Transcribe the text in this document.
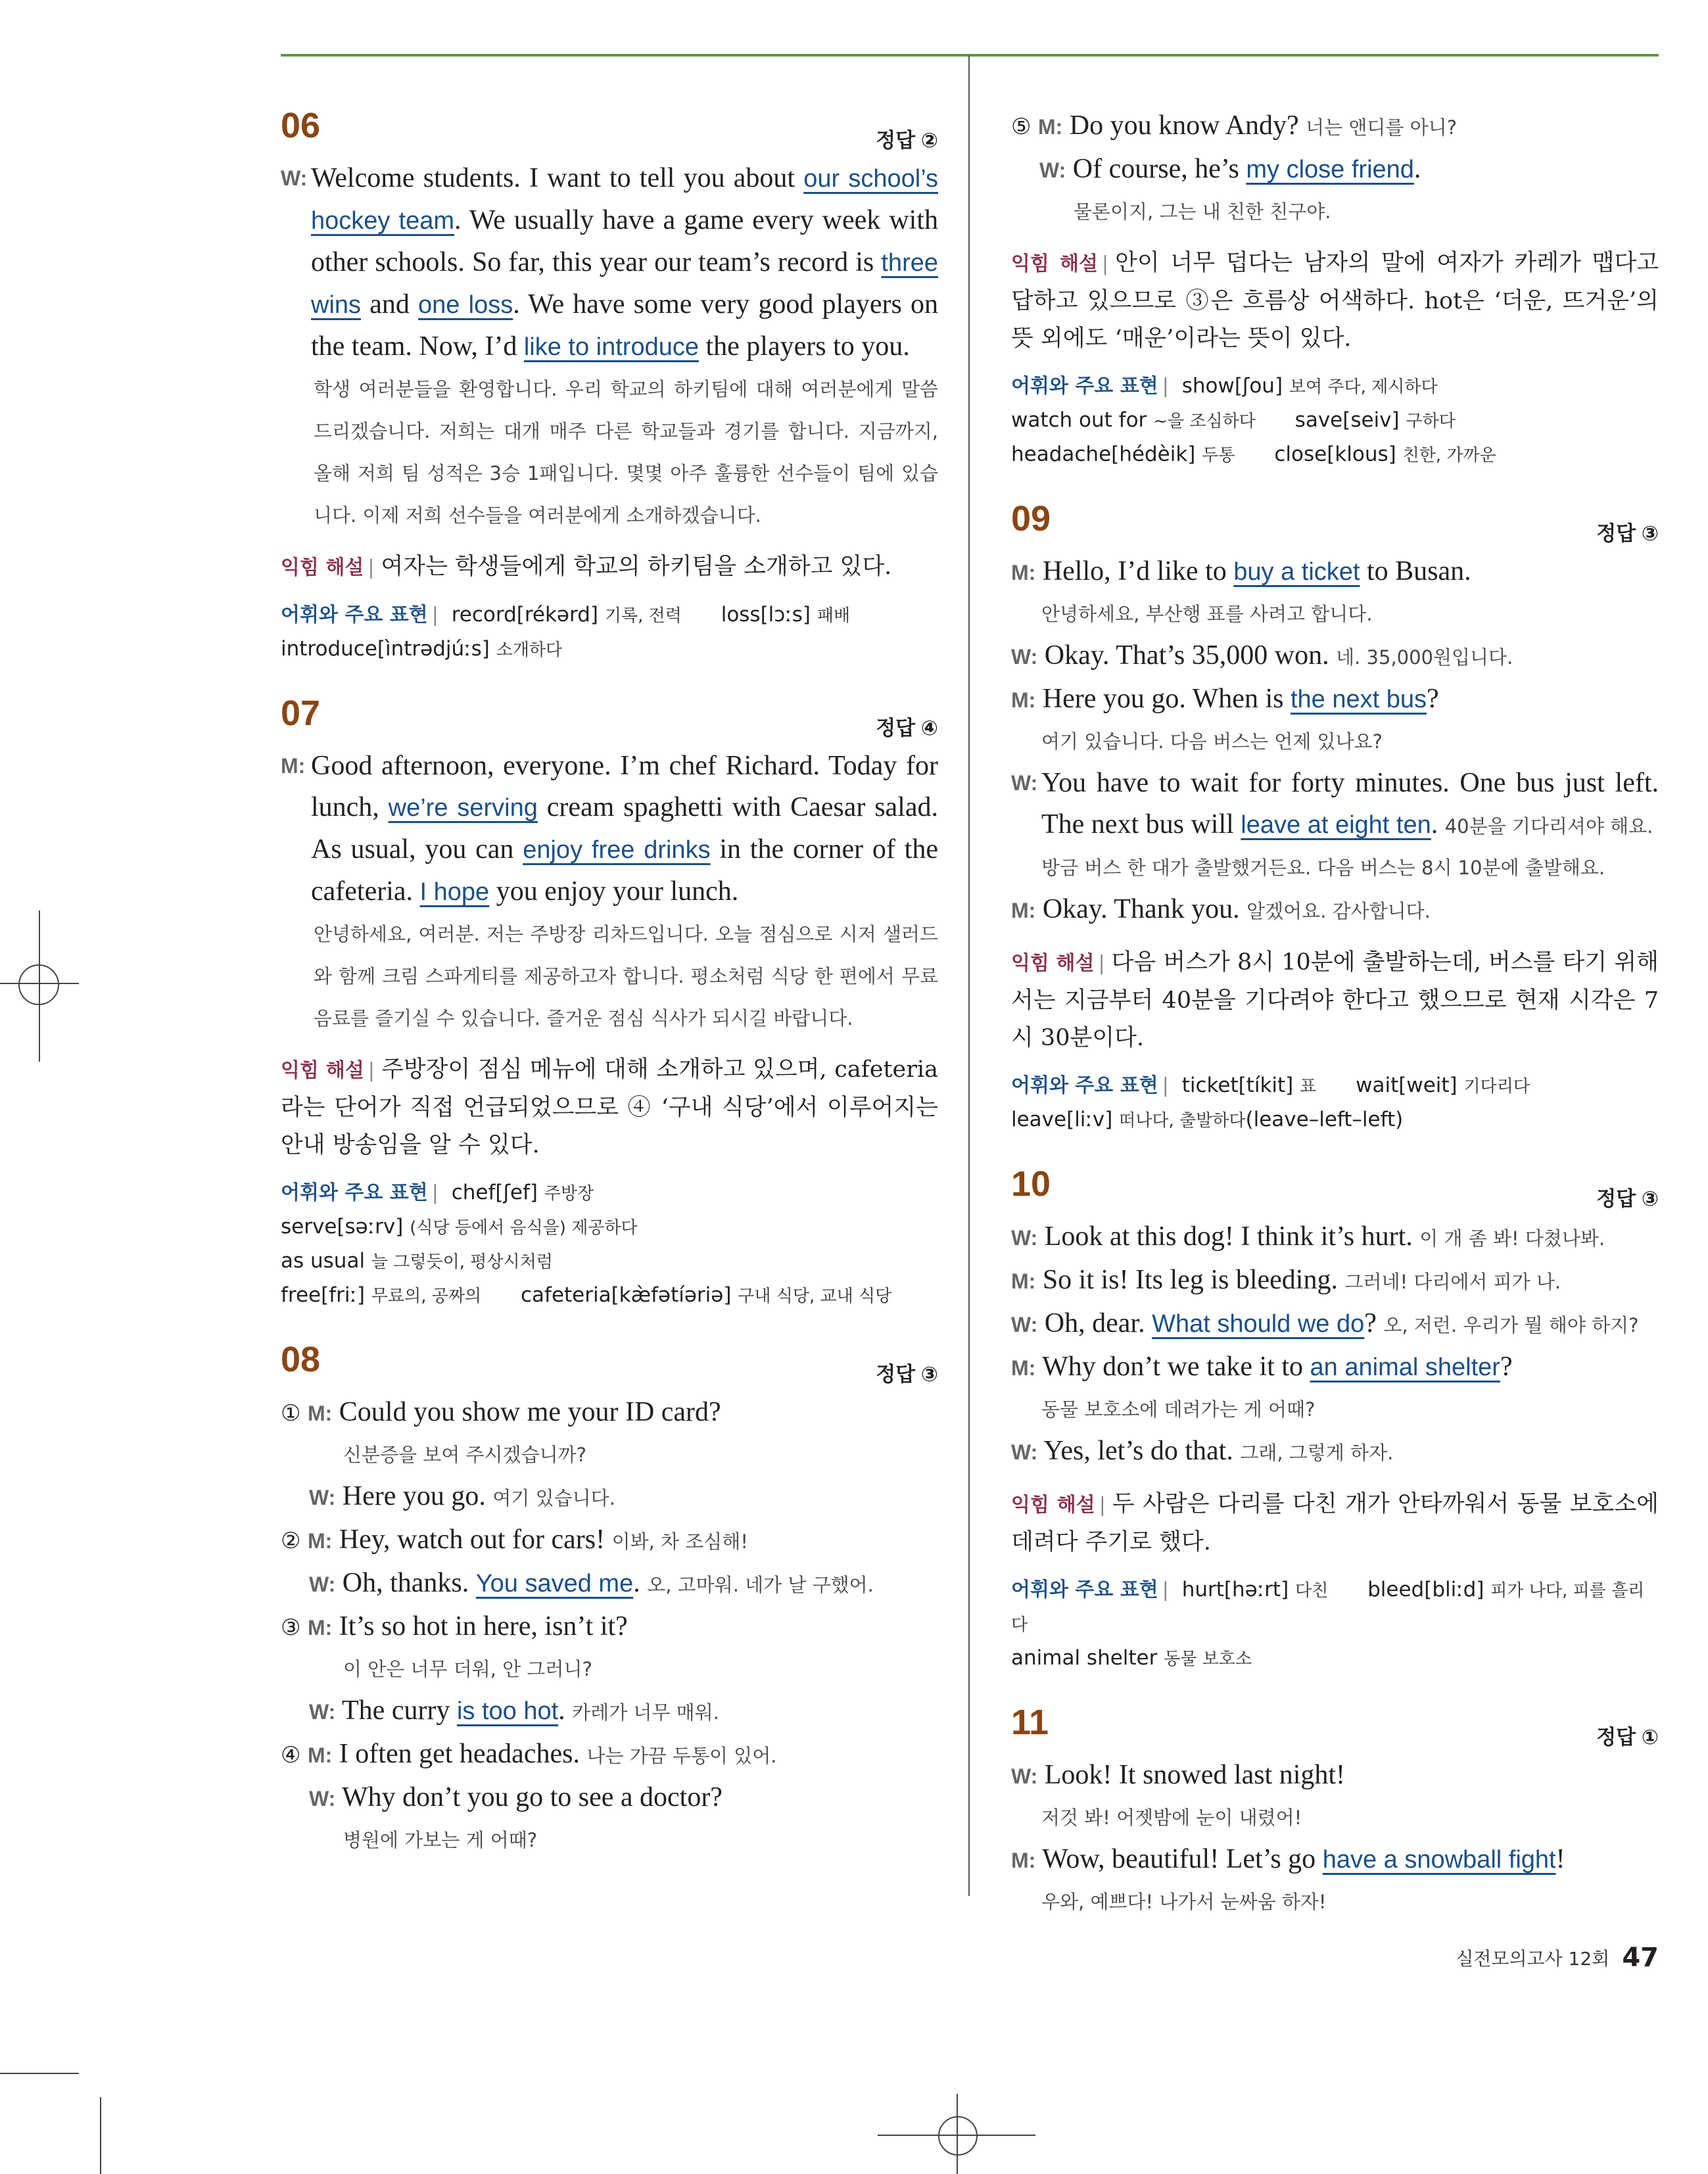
06	정답 ②
W: Welcome students. I want to tell you about our school’s hockey team. We usually have a game every week with other schools. So far, this year our team’s record is three wins and one loss. We have some very good players on the team. Now, I’d like to introduce the players to you.
학생 여러분들을 환영합니다. 우리 학교의 하키팀에 대해 여러분에게 말씀드리겠습니다. 저희는 대개 매주 다른 학교들과 경기를 합니다. 지금까지, 올해 저희 팀 성적은 3승 1패입니다. 몇몇 아주 훌륭한 선수들이 팀에 있습니다. 이제 저희 선수들을 여러분에게 소개하겠습니다.
익힘 해설 | 여자는 학생들에게 학교의 하키팀을 소개하고 있다.
어휘와 주요 표현 | record[rékərd] 기록, 전력 loss[lɔːs] 패배
introduce[ìntrədjúːs] 소개하다
07	정답 ④
M: Good afternoon, everyone. I’m chef Richard. Today for lunch, we’re serving cream spaghetti with Caesar salad. As usual, you can enjoy free drinks in the corner of the cafeteria. I hope you enjoy your lunch.
안녕하세요, 여러분. 저는 주방장 리차드입니다. 오늘 점심으로 시저 샐러드와 함께 크림 스파게티를 제공하고자 합니다. 평소처럼 식당 한 편에서 무료 음료를 즐기실 수 있습니다. 즐거운 점심 식사가 되시길 바랍니다.
익힘 해설 | 주방장이 점심 메뉴에 대해 소개하고 있으며, cafeteria라는 단어가 직접 언급되었으므로 ④ ‘구내 식당’에서 이루어지는 안내 방송임을 알 수 있다.
어휘와 주요 표현 | chef[ʃef] 주방장
serve[səːrv] (식당 등에서 음식을) 제공하다
as usual 늘 그렇듯이, 평상시처럼
free[friː] 무료의, 공짜의 cafeteria[kæ̀fətíəriə] 구내 식당, 교내 식당
08	정답 ③
① M: Could you show me your ID card?
신분증을 보여 주시겠습니까?
W: Here you go. 여기 있습니다.
② M: Hey, watch out for cars! 이봐, 차 조심해!
W: Oh, thanks. You saved me. 오, 고마워. 네가 날 구했어.
③ M: It’s so hot in here, isn’t it?
이 안은 너무 더워, 안 그러니?
W: The curry is too hot. 카레가 너무 매워.
④ M: I often get headaches. 나는 가끔 두통이 있어.
W: Why don’t you go to see a doctor?
병원에 가보는 게 어때?
⑤ M: Do you know Andy? 너는 앤디를 아니?
W: Of course, he’s my close friend.
물론이지, 그는 내 친한 친구야.
익힘 해설 | 안이 너무 덥다는 남자의 말에 여자가 카레가 맵다고 답하고 있으므로 ③은 흐름상 어색하다. hot은 ‘더운, 뜨거운’의 뜻 외에도 ‘매운’이라는 뜻이 있다.
어휘와 주요 표현 | show[ʃou] 보여 주다, 제시하다
watch out for ~을 조심하다 save[seiv] 구하다
headache[hédèik] 두통 close[klous] 친한, 가까운
09	정답 ③
M: Hello, I’d like to buy a ticket to Busan.
안녕하세요, 부산행 표를 사려고 합니다.
W: Okay. That’s 35,000 won. 네. 35,000원입니다.
M: Here you go. When is the next bus?
여기 있습니다. 다음 버스는 언제 있나요?
W: You have to wait for forty minutes. One bus just left. The next bus will leave at eight ten. 40분을 기다리셔야 해요.
방금 버스 한 대가 출발했거든요. 다음 버스는 8시 10분에 출발해요.
M: Okay. Thank you. 알겠어요. 감사합니다.
익힘 해설 | 다음 버스가 8시 10분에 출발하는데, 버스를 타기 위해서는 지금부터 40분을 기다려야 한다고 했으므로 현재 시각은 7시 30분이다.
어휘와 주요 표현 | ticket[tíkit] 표 wait[weit] 기다리다
leave[liːv] 떠나다, 출발하다(leave–left–left)
10	정답 ③
W: Look at this dog! I think it’s hurt. 이 개 좀 봐! 다쳤나봐.
M: So it is! Its leg is bleeding. 그러네! 다리에서 피가 나.
W: Oh, dear. What should we do? 오, 저런. 우리가 뭘 해야 하지?
M: Why don’t we take it to an animal shelter?
동물 보호소에 데려가는 게 어때?
W: Yes, let’s do that. 그래, 그렇게 하자.
익힘 해설 | 두 사람은 다리를 다친 개가 안타까워서 동물 보호소에 데려다 주기로 했다.
어휘와 주요 표현 | hurt[həːrt] 다친 bleed[bliːd] 피가 나다, 피를 흘리다
animal shelter 동물 보호소
11	정답 ①
W: Look! It snowed last night!
저것 봐! 어젯밤에 눈이 내렸어!
M: Wow, beautiful! Let’s go have a snowball fight!
우와, 예쁘다! 나가서 눈싸움 하자!
실전모의고사 12회 47
